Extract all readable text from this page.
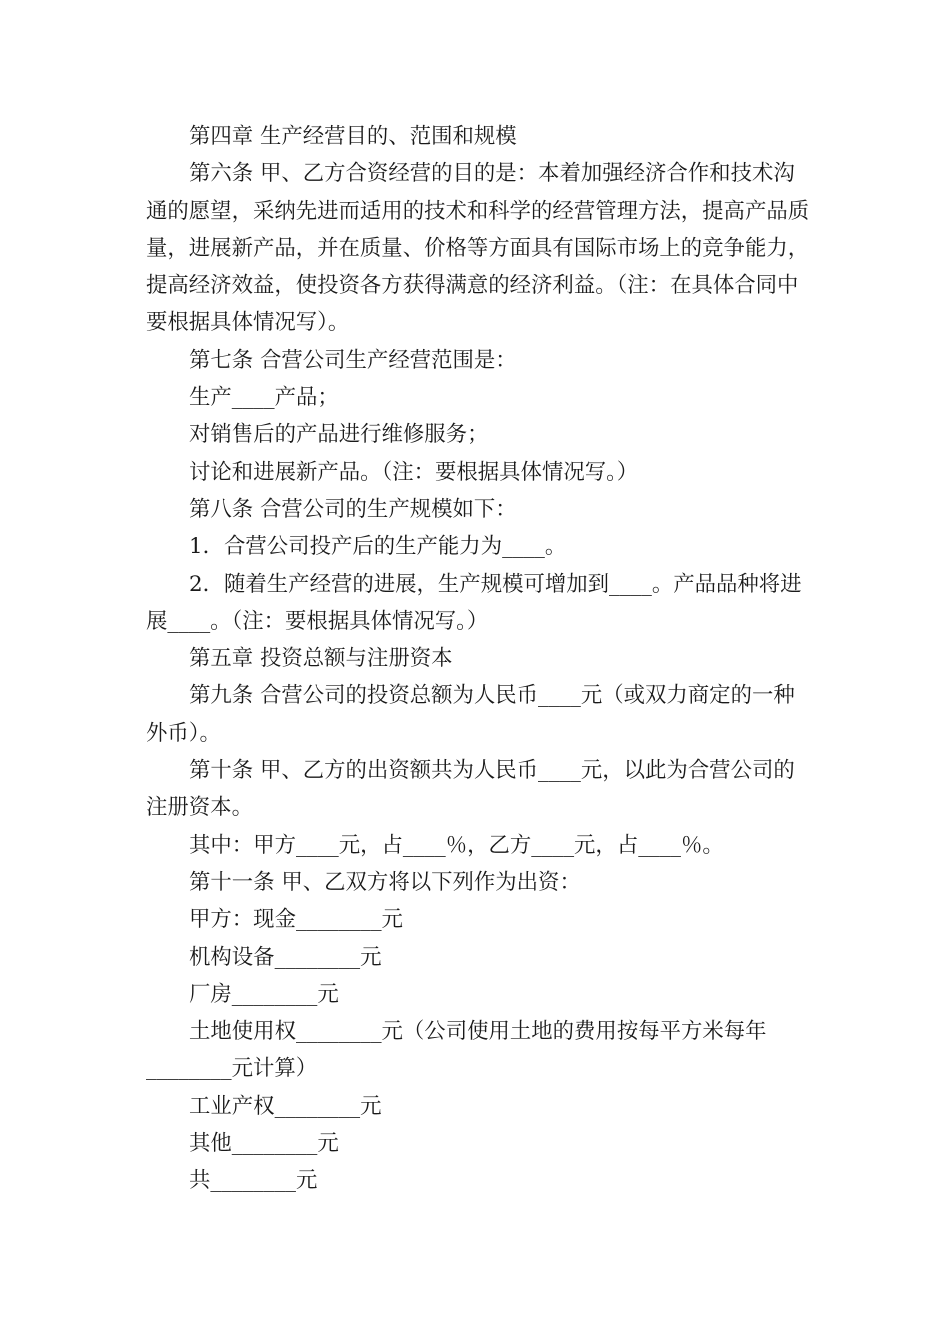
第四章 生产经营目的、范围和规模

第六条 甲、乙方合资经营的目的是：本着加强经济合作和技术沟通的愿望，采纳先进而适用的技术和科学的经营管理方法，提高产品质量，进展新产品，并在质量、价格等方面具有国际市场上的竞争能力，提高经济效益，使投资各方获得满意的经济利益。（注：在具体合同中要根据具体情况写）。

第七条 合营公司生产经营范围是：

生产____产品；

对销售后的产品进行维修服务；

讨论和进展新产品。（注：要根据具体情况写。）

第八条 合营公司的生产规模如下：

1．合营公司投产后的生产能力为____。

2．随着生产经营的进展，生产规模可增加到____。产品品种将进展____。（注：要根据具体情况写。）

第五章 投资总额与注册资本

第九条 合营公司的投资总额为人民币____元（或双力商定的一种外币）。

第十条 甲、乙方的出资额共为人民币____元，以此为合营公司的注册资本。

其中：甲方____元，占____％，乙方____元，占____％。

第十一条 甲、乙双方将以下列作为出资：

甲方：现金________元

机构设备________元

厂房________元

土地使用权________元（公司使用土地的费用按每平方米每年________元计算）

工业产权________元

其他________元

共________元
